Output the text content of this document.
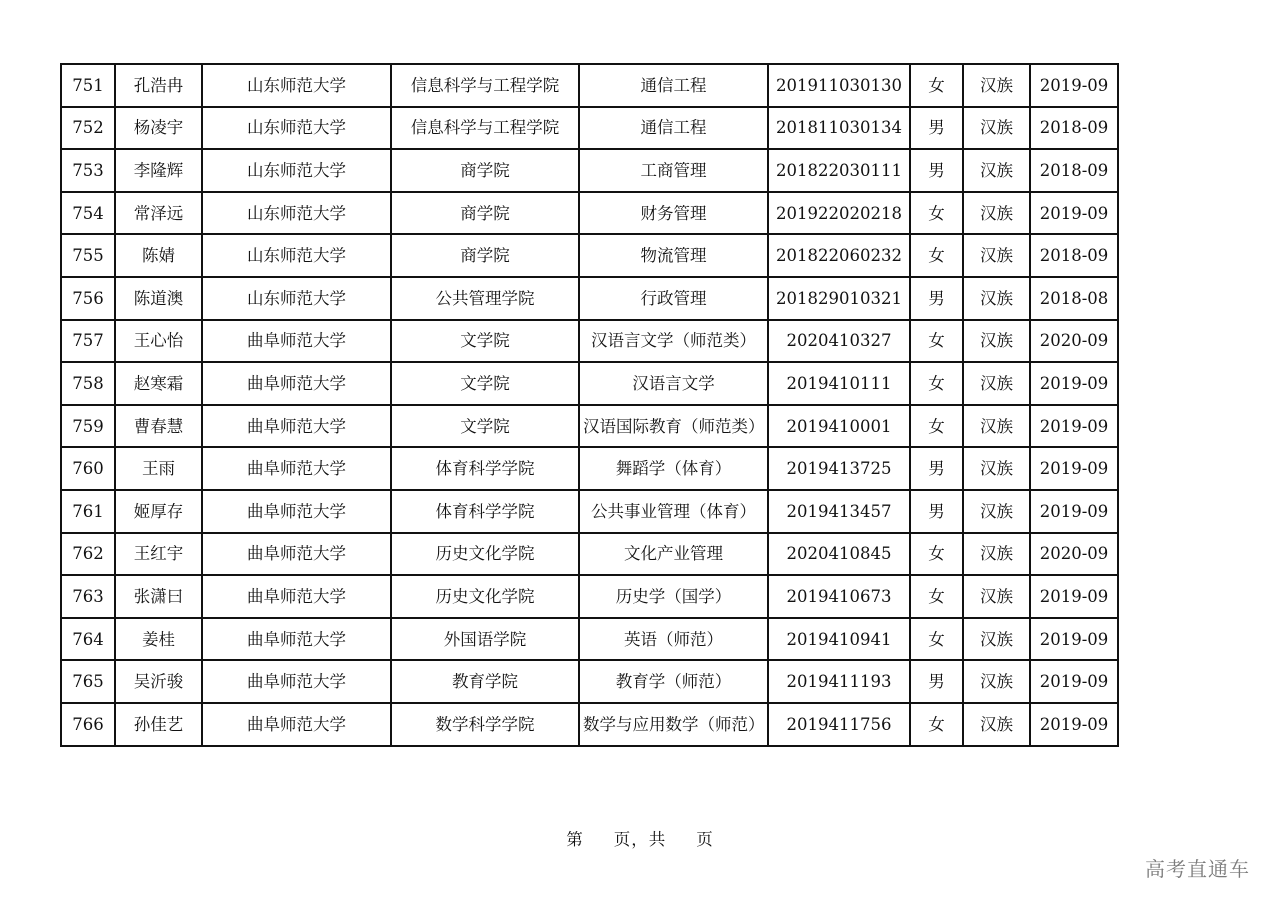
751	孔浩冉	山东师范大学	信息科学与工程学院	通信工程	201911030130	女	汉族	2019-09
752	杨凌宇	山东师范大学	信息科学与工程学院	通信工程	201811030134	男	汉族	2018-09
753	李隆辉	山东师范大学	商学院	工商管理	201822030111	男	汉族	2018-09
754	常泽远	山东师范大学	商学院	财务管理	201922020218	女	汉族	2019-09
755	陈婧	山东师范大学	商学院	物流管理	201822060232	女	汉族	2018-09
756	陈道澳	山东师范大学	公共管理学院	行政管理	201829010321	男	汉族	2018-08
757	王心怡	曲阜师范大学	文学院	汉语言文学（师范类）	2020410327	女	汉族	2020-09
758	赵寒霜	曲阜师范大学	文学院	汉语言文学	2019410111	女	汉族	2019-09
759	曹春慧	曲阜师范大学	文学院	汉语国际教育（师范类）	2019410001	女	汉族	2019-09
760	王雨	曲阜师范大学	体育科学学院	舞蹈学（体育）	2019413725	男	汉族	2019-09
761	姬厚存	曲阜师范大学	体育科学学院	公共事业管理（体育）	2019413457	男	汉族	2019-09
762	王红宇	曲阜师范大学	历史文化学院	文化产业管理	2020410845	女	汉族	2020-09
763	张潇曰	曲阜师范大学	历史文化学院	历史学（国学）	2019410673	女	汉族	2019-09
764	姜桂	曲阜师范大学	外国语学院	英语（师范）	2019410941	女	汉族	2019-09
765	吴沂骏	曲阜师范大学	教育学院	教育学（师范）	2019411193	男	汉族	2019-09
766	孙佳艺	曲阜师范大学	数学科学学院	数学与应用数学（师范）	2019411756	女	汉族	2019-09
第 页，共 页
高考直通车
